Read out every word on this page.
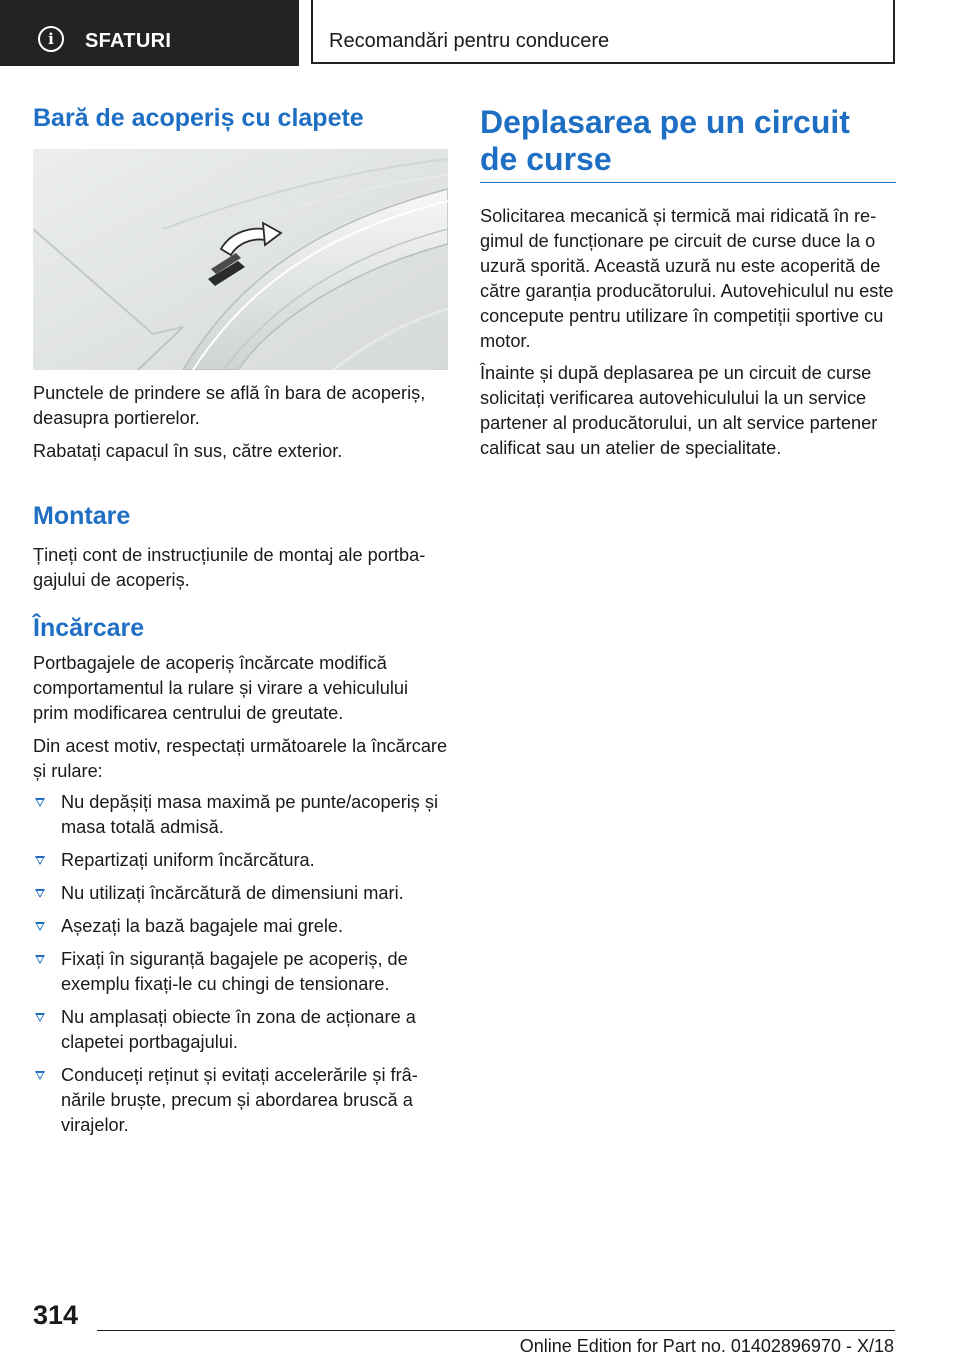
i	SFATURI	Recomandări pentru conducere
Bară de acoperiș cu clapete

Punctele de prindere se află în bara de acoperiș, deasupra portierelor.

Rabatați capacul în sus, către exterior.

Montare

Țineți cont de instrucțiunile de montaj ale portbagajului de acoperiș.

Încărcare

Portbagajele de acoperiș încărcate modifică comportamentul la rulare și virare a vehiculului prim modificarea centrului de greutate.

Din acest motiv, respectați următoarele la încărcare și rulare:

Nu depășiți masa maximă pe punte/acoperiș și masa totală admisă.
Repartizați uniform încărcătura.
Nu utilizați încărcătură de dimensiuni mari.
Așezați la bază bagajele mai grele.
Fixați în siguranță bagajele pe acoperiș, de exemplu fixați-le cu chingi de tensionare.
Nu amplasați obiecte în zona de acționare a clapetei portbagajului.
Conduceți reținut și evitați accelerările și frânările bruște, precum și abordarea bruscă a virajelor.
Deplasarea pe un circuit de curse

Solicitarea mecanică și termică mai ridicată în regimul de funcționare pe circuit de curse duce la o uzură sporită. Această uzură nu este acoperită de către garanția producătorului. Autovehiculul nu este concepute pentru utilizare în competiții sportive cu motor.

Înainte și după deplasarea pe un circuit de curse solicitați verificarea autovehiculului la un service partener al producătorului, un alt service partener calificat sau un atelier de specialitate.

314
Online Edition for Part no. 01402896970 - X/18
